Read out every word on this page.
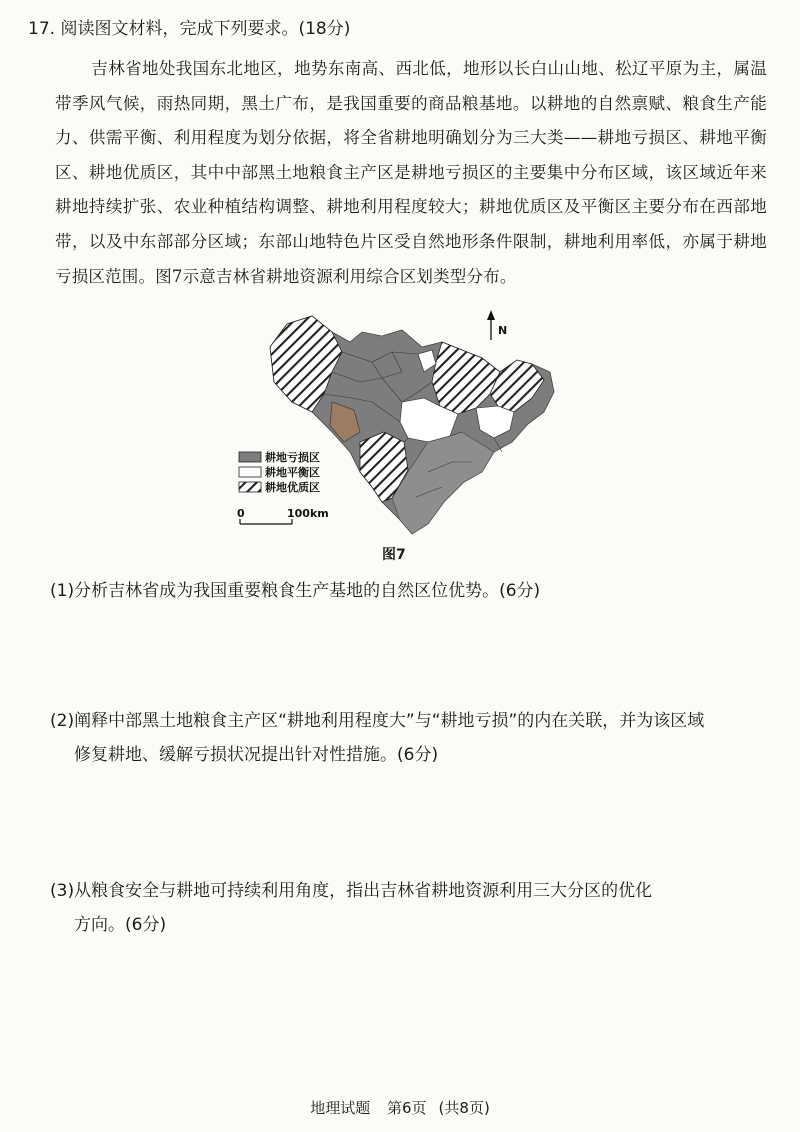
17. 阅读图文材料，完成下列要求。(18分)
吉林省地处我国东北地区，地势东南高、西北低，地形以长白山山地、松辽平原为主，属温带季风气候，雨热同期，黑土广布，是我国重要的商品粮基地。以耕地的自然禀赋、粮食生产能力、供需平衡、利用程度为划分依据，将全省耕地明确划分为三大类——耕地亏损区、耕地平衡区、耕地优质区，其中中部黑土地粮食主产区是耕地亏损区的主要集中分布区域，该区域近年来耕地持续扩张、农业种植结构调整、耕地利用程度较大；耕地优质区及平衡区主要分布在西部地带，以及中东部部分区域；东部山地特色片区受自然地形条件限制，耕地利用率低，亦属于耕地亏损区范围。图7示意吉林省耕地资源利用综合区划类型分布。
N
耕地亏损区
耕地平衡区
耕地优质区
0	100km
图7
(1)分析吉林省成为我国重要粮食生产基地的自然区位优势。(6分)
(2)阐释中部黑土地粮食主产区“耕地利用程度大”与“耕地亏损”的内在关联，并为该区域
修复耕地、缓解亏损状况提出针对性措施。(6分)
(3)从粮食安全与耕地可持续利用角度，指出吉林省耕地资源利用三大分区的优化
方向。(6分)
地理试题 第6页 (共8页)
